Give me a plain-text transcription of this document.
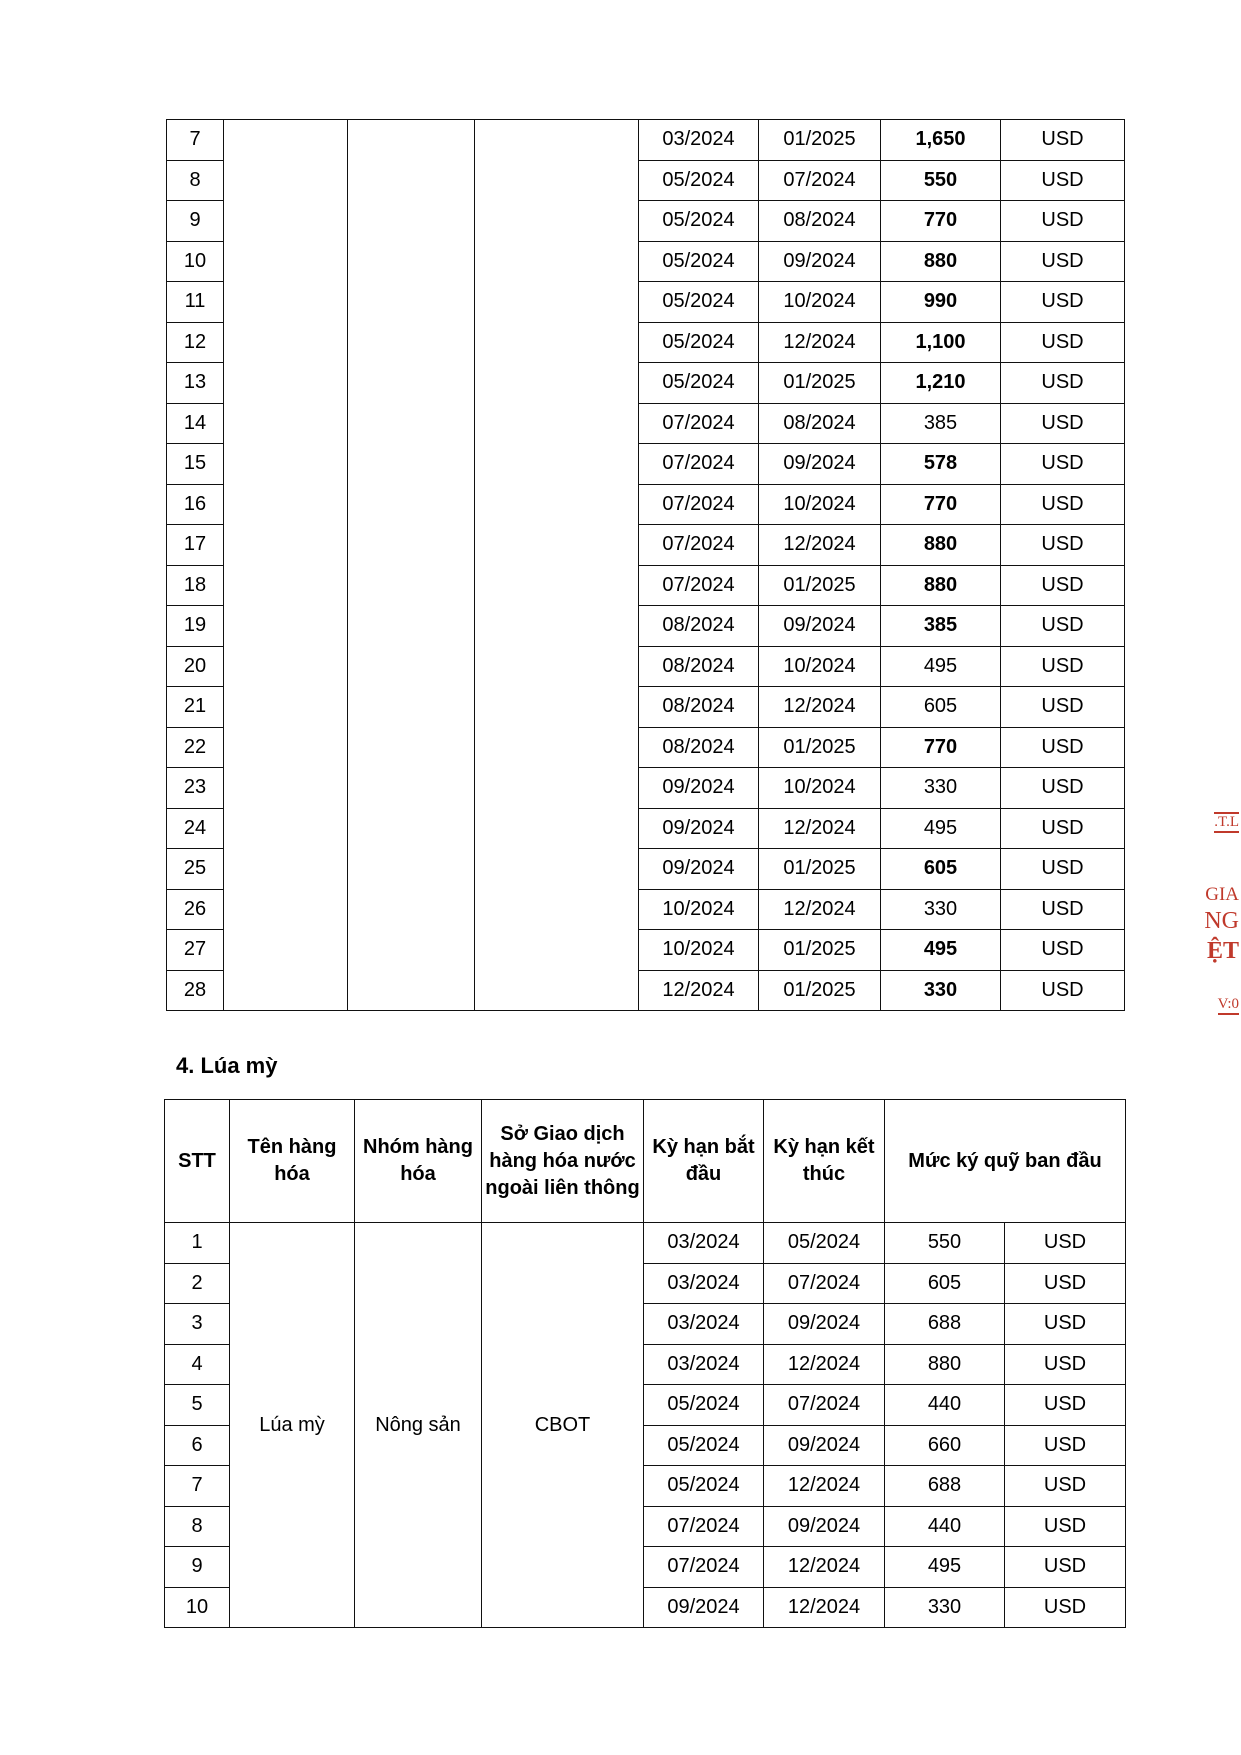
7				03/2024	01/2025	1,650	USD
8				05/2024	07/2024	550	USD
9				05/2024	08/2024	770	USD
10				05/2024	09/2024	880	USD
11				05/2024	10/2024	990	USD
12				05/2024	12/2024	1,100	USD
13				05/2024	01/2025	1,210	USD
14				07/2024	08/2024	385	USD
15				07/2024	09/2024	578	USD
16				07/2024	10/2024	770	USD
17				07/2024	12/2024	880	USD
18				07/2024	01/2025	880	USD
19				08/2024	09/2024	385	USD
20				08/2024	10/2024	495	USD
21				08/2024	12/2024	605	USD
22				08/2024	01/2025	770	USD
23				09/2024	10/2024	330	USD
24				09/2024	12/2024	495	USD
25				09/2024	01/2025	605	USD
26				10/2024	12/2024	330	USD
27				10/2024	01/2025	495	USD
28				12/2024	01/2025	330	USD
4. Lúa mỳ
STT	Tên hàng hóa	Nhóm hàng hóa	Sở Giao dịch hàng hóa nước ngoài liên thông	Kỳ hạn bắt đầu	Kỳ hạn kết thúc	Mức ký quỹ ban đầu	
1	Lúa mỳ	Nông sản	CBOT	03/2024	05/2024	550	USD
2				03/2024	07/2024	605	USD
3				03/2024	09/2024	688	USD
4				03/2024	12/2024	880	USD
5				05/2024	07/2024	440	USD
6				05/2024	09/2024	660	USD
7				05/2024	12/2024	688	USD
8				07/2024	09/2024	440	USD
9				07/2024	12/2024	495	USD
10				09/2024	12/2024	330	USD
.T.L
GIA
NG
ỆT
V:0
